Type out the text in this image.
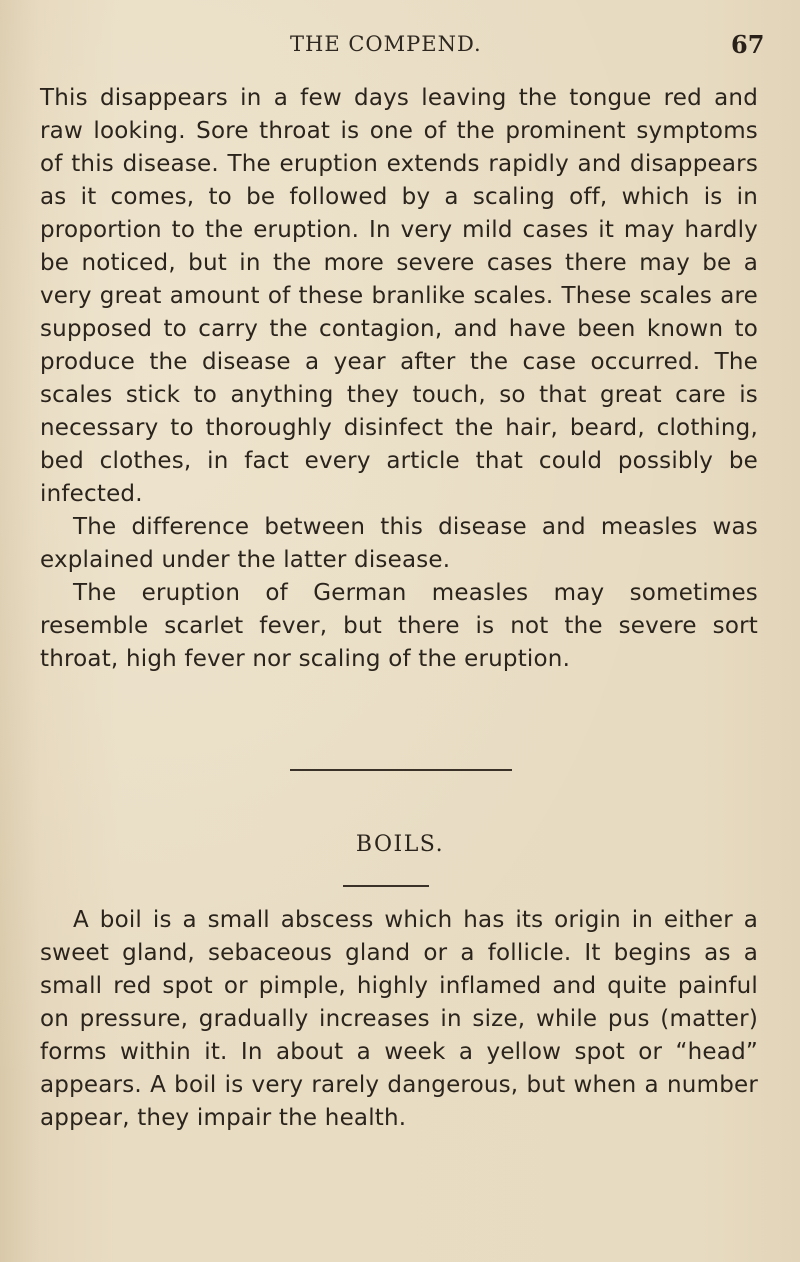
THE COMPEND.	67

This disappears in a few days leaving the tongue red and raw looking. Sore throat is one of the prominent symptoms of this disease. The eruption extends rapidly and disappears as it comes, to be followed by a scaling off, which is in proportion to the eruption. In very mild cases it may hardly be noticed, but in the more severe cases there may be a very great amount of these branlike scales. These scales are supposed to carry the contagion, and have been known to produce the disease a year after the case occurred. The scales stick to anything they touch, so that great care is necessary to thoroughly disinfect the hair, beard, clothing, bed clothes, in fact every article that could possibly be infected.

The difference between this disease and measles was explained under the latter disease.

The eruption of German measles may sometimes resemble scarlet fever, but there is not the severe sort throat, high fever nor scaling of the eruption.

BOILS.

A boil is a small abscess which has its origin in either a sweet gland, sebaceous gland or a follicle. It begins as a small red spot or pimple, highly inflamed and quite painful on pressure, gradually increases in size, while pus (matter) forms within it. In about a week a yellow spot or “head” appears. A boil is very rarely dangerous, but when a number appear, they impair the health.
